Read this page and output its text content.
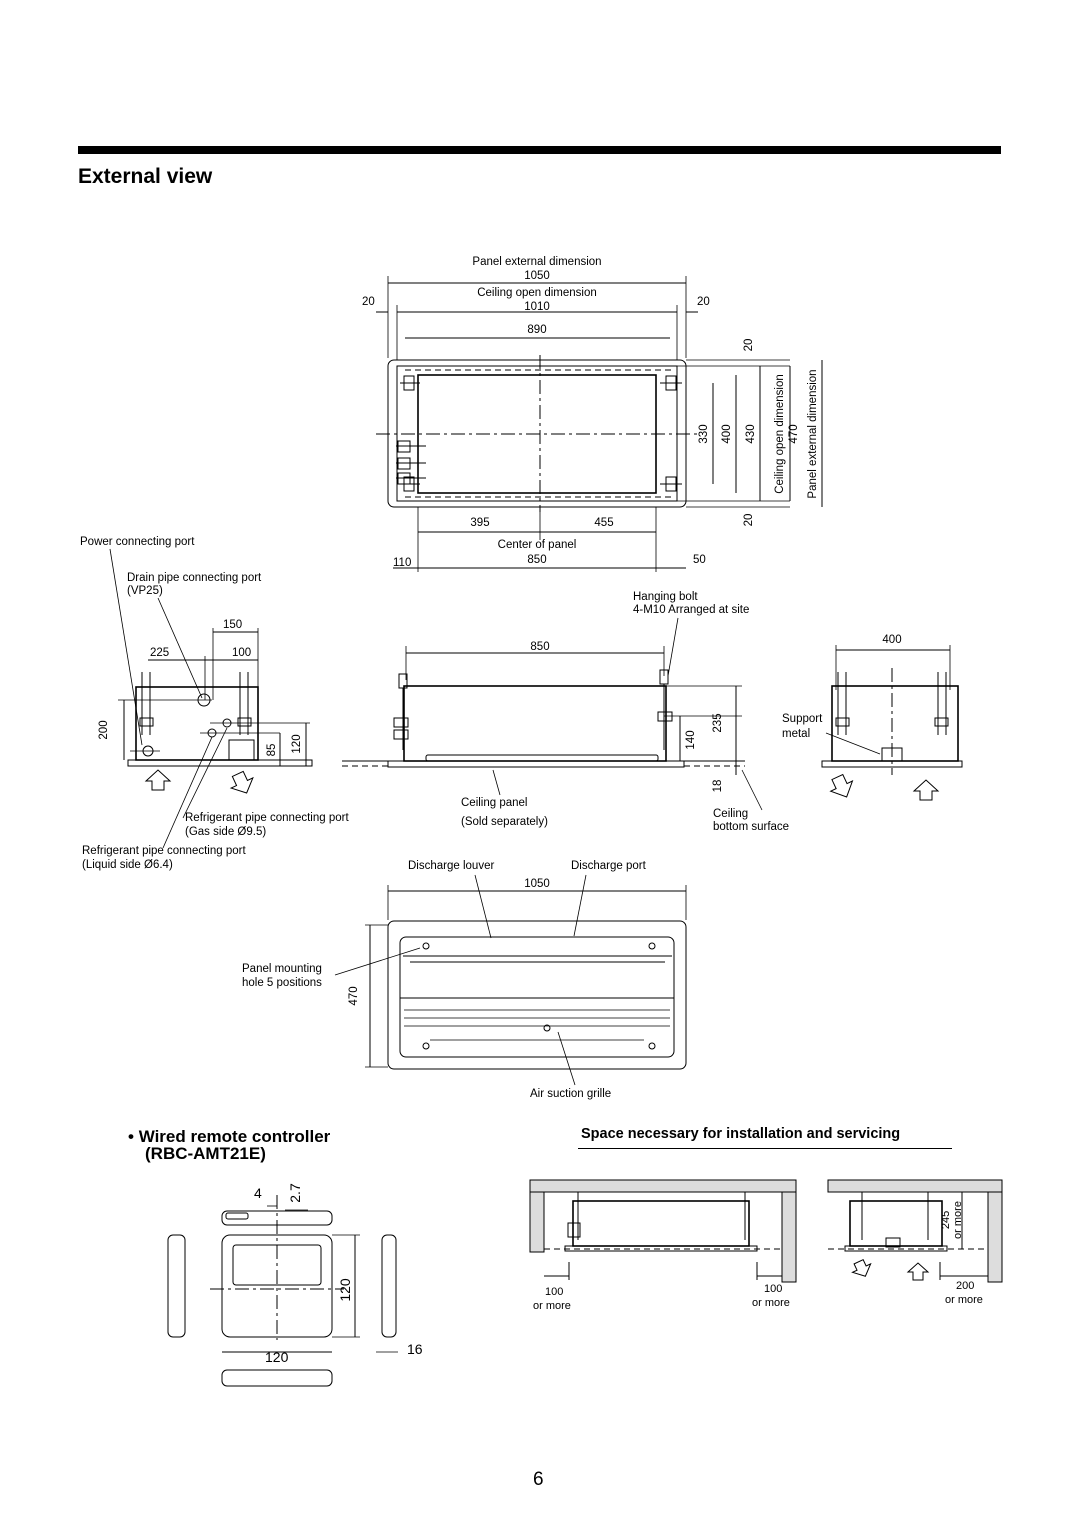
External view
• Wired remote controller
(RBC-AMT21E)
Space necessary for installation and servicing
6
Panel external dimension
1050
Ceiling open dimension
1010
20	20
890
330 400 430
20
20
Ceiling open dimension 470 Panel external dimension
395	455
Center of panel
850
110	50
Power connecting port
Drain pipe connecting port
(VP25)
150
225	100
200
85 120
Refrigerant pipe connecting port
(Gas side Ø9.5)
Refrigerant pipe connecting port
(Liquid side Ø6.4)
Hanging bolt
4-M10 Arranged at site
850
140
235
18
Ceiling panel
(Sold separately)
Ceiling
bottom surface
400
Support
metal
Discharge louver	Discharge port
1050
Panel mounting
hole 5 positions
470
Air suction grille
4 2.7
120
120	16
100
or more
100
or more
245 or more
200
or more
